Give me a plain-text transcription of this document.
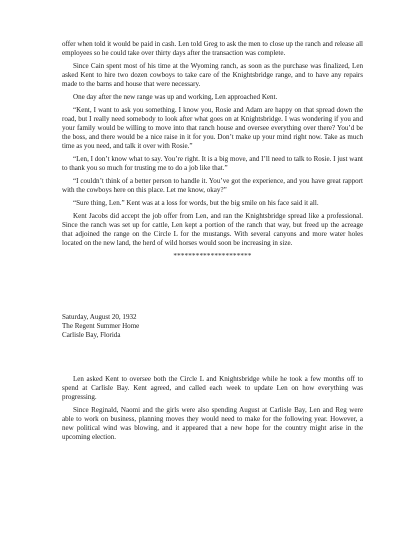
offer when told it would be paid in cash. Len told Greg to ask the men to close up the ranch and release all employees so he could take over thirty days after the transaction was complete.

Since Cain spent most of his time at the Wyoming ranch, as soon as the purchase was finalized, Len asked Kent to hire two dozen cowboys to take care of the Knightsbridge range, and to have any repairs made to the barns and house that were necessary.

One day after the new range was up and working, Len approached Kent.

“Kent, I want to ask you something. I know you, Rosie and Adam are happy on that spread down the road, but I really need somebody to look after what goes on at Knightsbridge. I was wondering if you and your family would be willing to move into that ranch house and oversee everything over there? You’d be the boss, and there would be a nice raise in it for you. Don’t make up your mind right now. Take as much time as you need, and talk it over with Rosie.”

“Len, I don’t know what to say. You’re right. It is a big move, and I’ll need to talk to Rosie. I just want to thank you so much for trusting me to do a job like that.”

“I couldn’t think of a better person to handle it. You’ve got the experience, and you have great rapport with the cowboys here on this place. Let me know, okay?”

“Sure thing, Len.” Kent was at a loss for words, but the big smile on his face said it all.

Kent Jacobs did accept the job offer from Len, and ran the Knightsbridge spread like a professional. Since the ranch was set up for cattle, Len kept a portion of the ranch that way, but freed up the acreage that adjoined the range on the Circle L for the mustangs. With several canyons and more water holes located on the new land, the herd of wild horses would soon be increasing in size.

*********************
Saturday, August 20, 1932
The Regent Summer Home
Carlisle Bay, Florida

Len asked Kent to oversee both the Circle L and Knightsbridge while he took a few months off to spend at Carlisle Bay. Kent agreed, and called each week to update Len on how everything was progressing.

Since Reginald, Naomi and the girls were also spending August at Carlisle Bay, Len and Reg were able to work on business, planning moves they would need to make for the following year. However, a new political wind was blowing, and it appeared that a new hope for the country might arise in the upcoming election.
